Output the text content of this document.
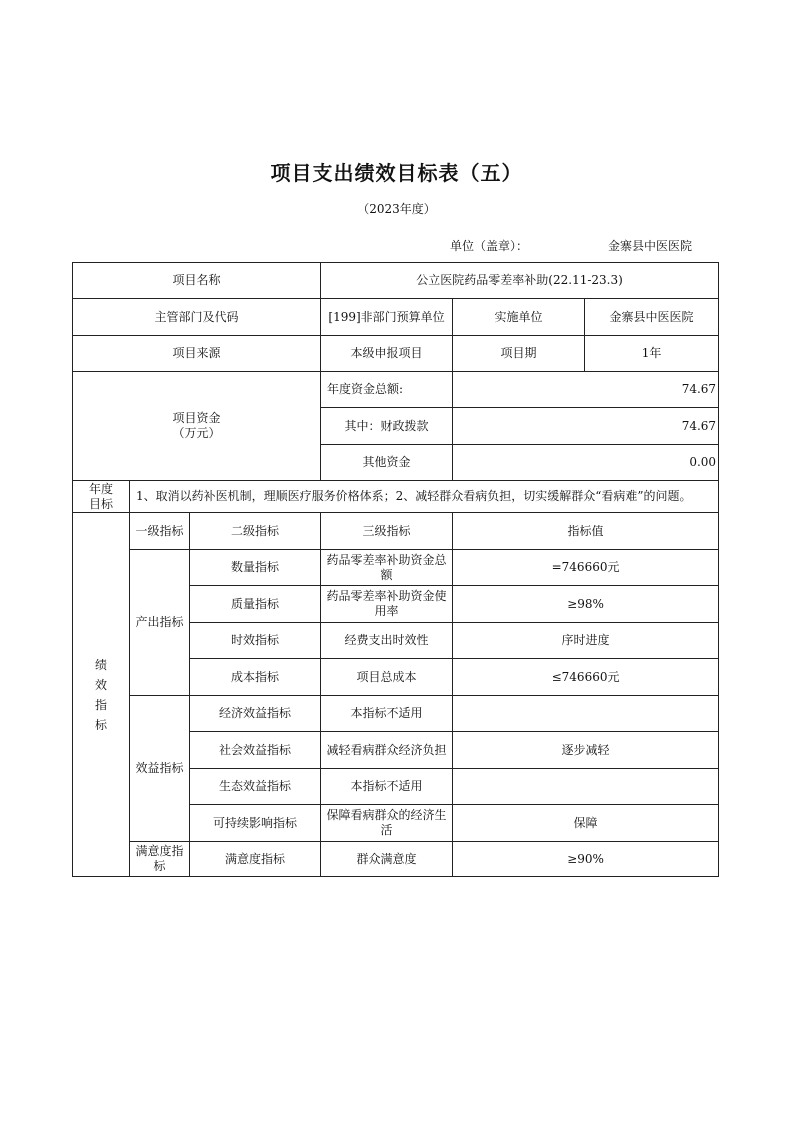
项目支出绩效目标表（五）
（2023年度）
单位（盖章）：	金寨县中医医院
项目名称			公立医院药品零差率补助(22.11-23.3)		
主管部门及代码			[199]非部门预算单位	实施单位	金寨县中医医院
项目来源			本级申报项目	项目期	1年

项目资金
（万元）			年度资金总额:	74.67	
			其中：财政拨款	74.67	
			其他资金	0.00	

年度
目标	1、取消以药补医机制，理顺医疗服务价格体系；2、减轻群众看病负担，切实缓解群众“看病难”的问题。				

绩
效
指
标	一级指标	二级指标	三级指标	指标值	
	产出指标	数量指标	药品零差率补助资金总额	=746660元	
		质量指标	药品零差率补助资金使用率	≥98%	
		时效指标	经费支出时效性	序时进度	
		成本指标	项目总成本	≤746660元	
	效益指标	经济效益指标	本指标不适用		
		社会效益指标	减轻看病群众经济负担	逐步减轻	
		生态效益指标	本指标不适用		
		可持续影响指标	保障看病群众的经济生活	保障	
	满意度指标	满意度指标	群众满意度	≥90%	
